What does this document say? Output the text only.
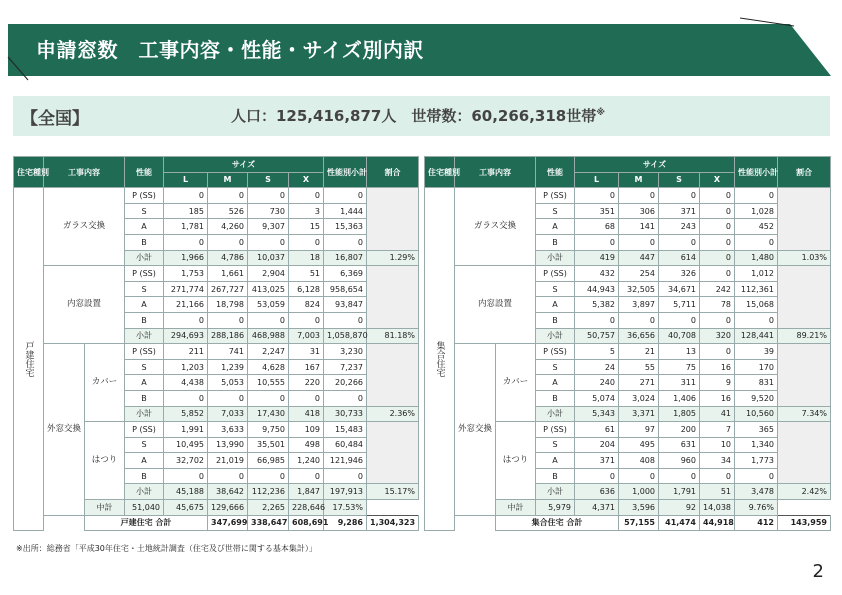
申請窓数　工事内容・性能・サイズ別内訳
【全国】	人口：125,416,877人　世帯数：60,266,318世帯※
住宅種別	工事内容		性能	サイズ				性能別小計	割合	
				L	M	S	X			
戸建住宅	ガラス交換		P (SS)	0	0	0	0	0		
			S	185	526	730	3	1,444		
			A	1,781	4,260	9,307	15	15,363		
			B	0	0	0	0	0		
			小計	1,966	4,786	10,037	18	16,807	1.29%	
	内窓設置		P (SS)	1,753	1,661	2,904	51	6,369		
			S	271,774	267,727	413,025	6,128	958,654		
			A	21,166	18,798	53,059	824	93,847		
			B	0	0	0	0	0		
			小計	294,693	288,186	468,988	7,003	1,058,870	81.18%	
	外窓交換	カバー	P (SS)	211	741	2,247	31	3,230		
			S	1,203	1,239	4,628	167	7,237		
			A	4,438	5,053	10,555	220	20,266		
			B	0	0	0	0	0		
			小計	5,852	7,033	17,430	418	30,733	2.36%	
		はつり	P (SS)	1,991	3,633	9,750	109	15,483		
			S	10,495	13,990	35,501	498	60,484		
			A	32,702	21,019	66,985	1,240	121,946		
			B	0	0	0	0	0		
			小計	45,188	38,642	112,236	1,847	197,913	15.17%	
		中計	51,040	45,675	129,666	2,265	228,646	17.53%		
		戸建住宅 合計			347,699	338,647	608,691	9,286	1,304,323	
住宅種別	工事内容		性能	サイズ				性能別小計	割合	
				L	M	S	X			
集合住宅	ガラス交換		P (SS)	0	0	0	0	0		
			S	351	306	371	0	1,028		
			A	68	141	243	0	452		
			B	0	0	0	0	0		
			小計	419	447	614	0	1,480	1.03%	
	内窓設置		P (SS)	432	254	326	0	1,012		
			S	44,943	32,505	34,671	242	112,361		
			A	5,382	3,897	5,711	78	15,068		
			B	0	0	0	0	0		
			小計	50,757	36,656	40,708	320	128,441	89.21%	
	外窓交換	カバー	P (SS)	5	21	13	0	39		
			S	24	55	75	16	170		
			A	240	271	311	9	831		
			B	5,074	3,024	1,406	16	9,520		
			小計	5,343	3,371	1,805	41	10,560	7.34%	
		はつり	P (SS)	61	97	200	7	365		
			S	204	495	631	10	1,340		
			A	371	408	960	34	1,773		
			B	0	0	0	0	0		
			小計	636	1,000	1,791	51	3,478	2.42%	
		中計	5,979	4,371	3,596	92	14,038	9.76%		
		集合住宅 合計			57,155	41,474	44,918	412	143,959	
※出所：総務省「平成30年住宅・土地統計調査（住宅及び世帯に関する基本集計）」
2
